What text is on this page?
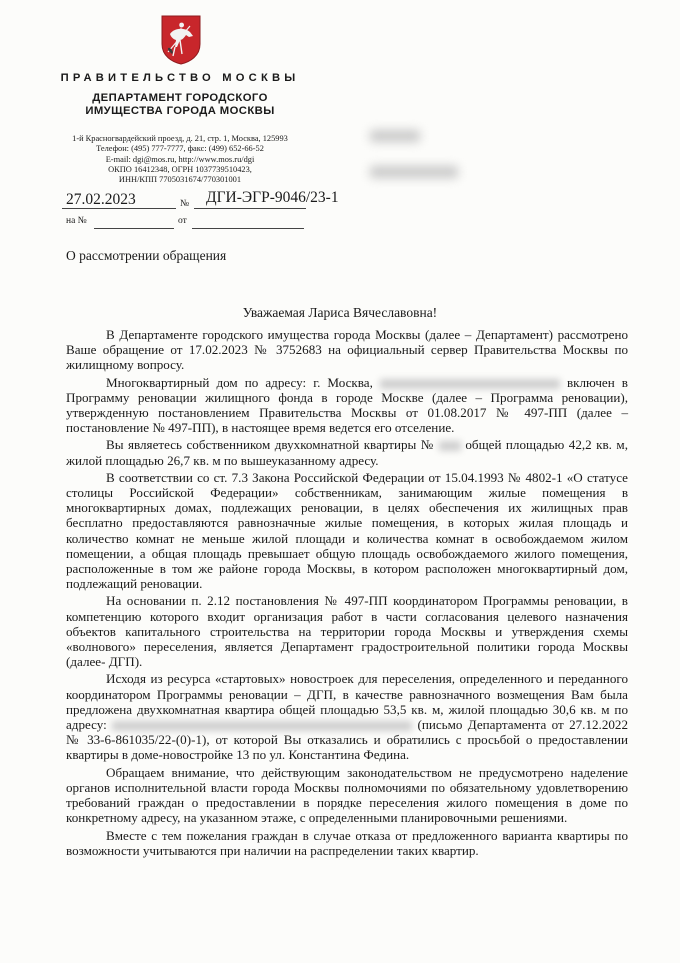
ПРАВИТЕЛЬСТВО МОСКВЫ
ДЕПАРТАМЕНТ ГОРОДСКОГО
ИМУЩЕСТВА ГОРОДА МОСКВЫ
1-й Красногвардейский проезд, д. 21, стр. 1, Москва, 125993
Телефон: (495) 777-7777, факс: (499) 652-66-52
E-mail: dgi@mos.ru, http://www.mos.ru/dgi
ОКПО 16412348, ОГРН 1037739510423,
ИНН/КПП 7705031674/770301001
27.02.2023	№ ДГИ-ЭГР-9046/23-1
на №	от
О рассмотрении обращения
Уважаемая Лариса Вячеславовна!

В Департаменте городского имущества города Москвы (далее – Департамент) рассмотрено Ваше обращение от 17.02.2023 № 3752683 на официальный сервер Правительства Москвы по жилищному вопросу.

Многоквартирный дом по адресу: г. Москва,	включен в Программу реновации жилищного фонда в городе Москве (далее – Программа реновации), утвержденную постановлением Правительства Москвы от 01.08.2017 № 497-ПП (далее – постановление № 497-ПП), в настоящее время ведется его отселение.

Вы являетесь собственником двухкомнатной квартиры № общей площадью 42,2 кв. м, жилой площадью 26,7 кв. м по вышеуказанному адресу.

В соответствии со ст. 7.3 Закона Российской Федерации от 15.04.1993 № 4802-1 «О статусе столицы Российской Федерации» собственникам, занимающим жилые помещения в многоквартирных домах, подлежащих реновации, в целях обеспечения их жилищных прав бесплатно предоставляются равнозначные жилые помещения, в которых жилая площадь и количество комнат не меньше жилой площади и количества комнат в освобождаемом жилом помещении, а общая площадь превышает общую площадь освобождаемого жилого помещения, расположенные в том же районе города Москвы, в котором расположен многоквартирный дом, подлежащий реновации.

На основании п. 2.12 постановления № 497-ПП координатором Программы реновации, в компетенцию которого входит организация работ в части согласования целевого назначения объектов капитального строительства на территории города Москвы и утверждения схемы «волнового» переселения, является Департамент градостроительной политики города Москвы (далее- ДГП).

Исходя из ресурса «стартовых» новостроек для переселения, определенного и переданного координатором Программы реновации – ДГП, в качестве равнозначного возмещения Вам была предложена двухкомнатная квартира общей площадью 53,5 кв. м, жилой площадью 30,6 кв. м по адресу:	(письмо Департамента от 27.12.2022 № 33-6-861035/22-(0)-1), от которой Вы отказались и обратились с просьбой о предоставлении квартиры в доме-новостройке 13 по ул. Константина Федина.

Обращаем внимание, что действующим законодательством не предусмотрено наделение органов исполнительной власти города Москвы полномочиями по обязательному удовлетворению требований граждан о предоставлении в порядке переселения жилого помещения в доме по конкретному адресу, на указанном этаже, с определенными планировочными решениями.

Вместе с тем пожелания граждан в случае отказа от предложенного варианта квартиры по возможности учитываются при наличии на распределении таких квартир.
